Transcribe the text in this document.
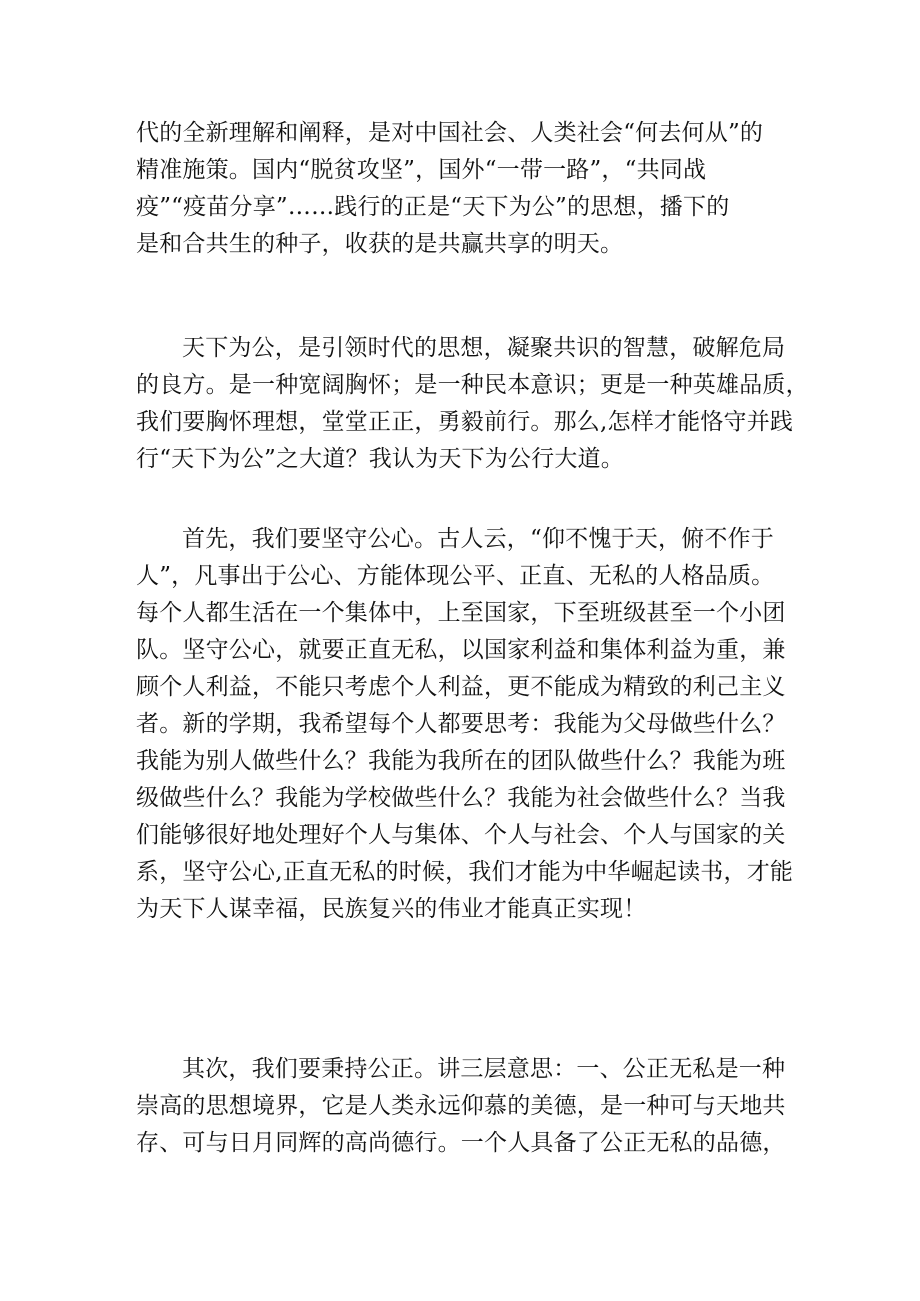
代的全新理解和阐释，是对中国社会、人类社会“何去何从”的
精准施策。国内“脱贫攻坚”，国外“一带一路”，“共同战
疫”“疫苗分享”……践行的正是“天下为公”的思想，播下的
是和合共生的种子，收获的是共赢共享的明天。
天下为公，是引领时代的思想，凝聚共识的智慧，破解危局
的良方。是一种宽阔胸怀；是一种民本意识；更是一种英雄品质，
我们要胸怀理想，堂堂正正，勇毅前行。那么,怎样才能恪守并践
行“天下为公”之大道？我认为天下为公行大道。
首先，我们要坚守公心。古人云，“仰不愧于天，俯不作于
人”，凡事出于公心、方能体现公平、正直、无私的人格品质。
每个人都生活在一个集体中，上至国家，下至班级甚至一个小团
队。坚守公心，就要正直无私，以国家利益和集体利益为重，兼
顾个人利益，不能只考虑个人利益，更不能成为精致的利己主义
者。新的学期，我希望每个人都要思考：我能为父母做些什么？
我能为别人做些什么？我能为我所在的团队做些什么？我能为班
级做些什么？我能为学校做些什么？我能为社会做些什么？当我
们能够很好地处理好个人与集体、个人与社会、个人与国家的关
系，坚守公心,正直无私的时候，我们才能为中华崛起读书，才能
为天下人谋幸福，民族复兴的伟业才能真正实现！
其次，我们要秉持公正。讲三层意思：一、公正无私是一种
崇高的思想境界，它是人类永远仰慕的美德，是一种可与天地共
存、可与日月同辉的高尚德行。一个人具备了公正无私的品德，
